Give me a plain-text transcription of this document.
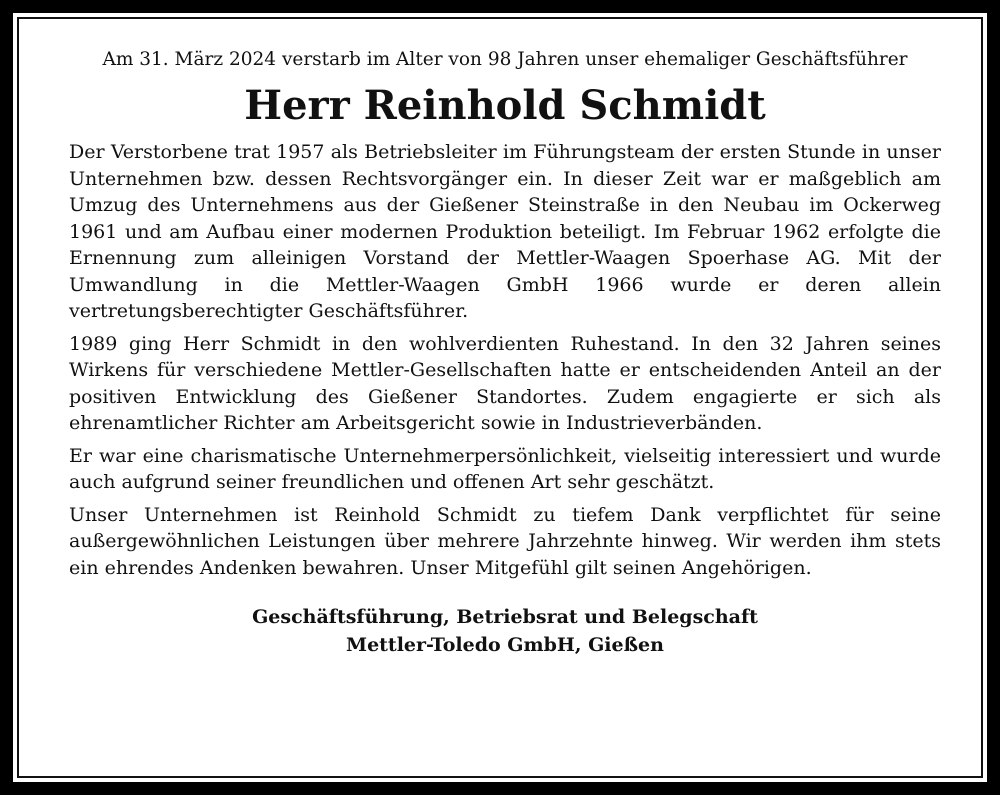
Am 31. März 2024 verstarb im Alter von 98 Jahren unser ehemaliger Geschäftsführer
Herr Reinhold Schmidt

Der Verstorbene trat 1957 als Betriebsleiter im Führungsteam der ersten Stunde in unser Unternehmen bzw. dessen Rechtsvorgänger ein. In dieser Zeit war er maßgeblich am Umzug des Unternehmens aus der Gießener Steinstraße in den Neubau im Ockerweg 1961 und am Aufbau einer modernen Produktion beteiligt. Im Februar 1962 erfolgte die Ernennung zum alleinigen Vorstand der Mettler-Waagen Spoerhase AG. Mit der Umwandlung in die Mettler-Waagen GmbH 1966 wurde er deren allein vertretungsberechtigter Geschäftsführer.

1989 ging Herr Schmidt in den wohlverdienten Ruhestand. In den 32 Jahren seines Wirkens für verschiedene Mettler-Gesellschaften hatte er entscheidenden Anteil an der positiven Entwicklung des Gießener Standortes. Zudem engagierte er sich als ehrenamtlicher Richter am Arbeitsgericht sowie in Industrieverbänden.

Er war eine charismatische Unternehmerpersönlichkeit, vielseitig interessiert und wurde auch aufgrund seiner freundlichen und offenen Art sehr geschätzt.

Unser Unternehmen ist Reinhold Schmidt zu tiefem Dank verpflichtet für seine außergewöhnlichen Leistungen über mehrere Jahrzehnte hinweg. Wir werden ihm stets ein ehrendes Andenken bewahren. Unser Mitgefühl gilt seinen Angehörigen.

Geschäftsführung, Betriebsrat und Belegschaft
Mettler-Toledo GmbH, Gießen
